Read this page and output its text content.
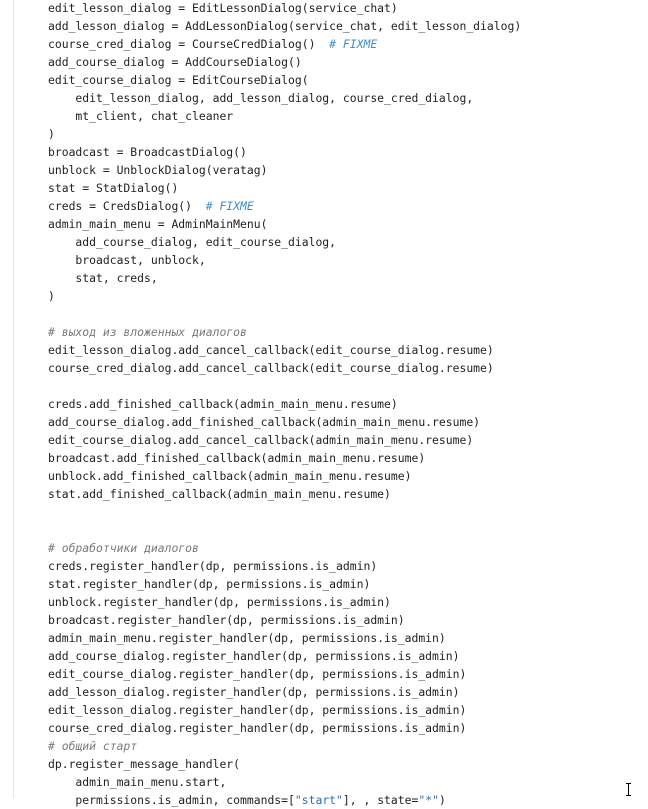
edit_lesson_dialog = EditLessonDialog(service_chat)
add_lesson_dialog = AddLessonDialog(service_chat, edit_lesson_dialog)
course_cred_dialog = CourseCredDialog() # FIXME
add_course_dialog = AddCourseDialog()
edit_course_dialog = EditCourseDialog(
edit_lesson_dialog, add_lesson_dialog, course_cred_dialog,
mt_client, chat_cleaner
)
broadcast = BroadcastDialog()
unblock = UnblockDialog(veratag)
stat = StatDialog()
creds = CredsDialog() # FIXME
admin_main_menu = AdminMainMenu(
add_course_dialog, edit_course_dialog,
broadcast, unblock,
stat, creds,
)
# выход из вложенных диалогов
edit_lesson_dialog.add_cancel_callback(edit_course_dialog.resume)
course_cred_dialog.add_cancel_callback(edit_course_dialog.resume)
creds.add_finished_callback(admin_main_menu.resume)
add_course_dialog.add_finished_callback(admin_main_menu.resume)
edit_course_dialog.add_cancel_callback(admin_main_menu.resume)
broadcast.add_finished_callback(admin_main_menu.resume)
unblock.add_finished_callback(admin_main_menu.resume)
stat.add_finished_callback(admin_main_menu.resume)
# обработчики диалогов
creds.register_handler(dp, permissions.is_admin)
stat.register_handler(dp, permissions.is_admin)
unblock.register_handler(dp, permissions.is_admin)
broadcast.register_handler(dp, permissions.is_admin)
admin_main_menu.register_handler(dp, permissions.is_admin)
add_course_dialog.register_handler(dp, permissions.is_admin)
edit_course_dialog.register_handler(dp, permissions.is_admin)
add_lesson_dialog.register_handler(dp, permissions.is_admin)
edit_lesson_dialog.register_handler(dp, permissions.is_admin)
course_cred_dialog.register_handler(dp, permissions.is_admin)
# общий старт
dp.register_message_handler(
admin_main_menu.start,
permissions.is_admin, commands=["start"], , state="*")
